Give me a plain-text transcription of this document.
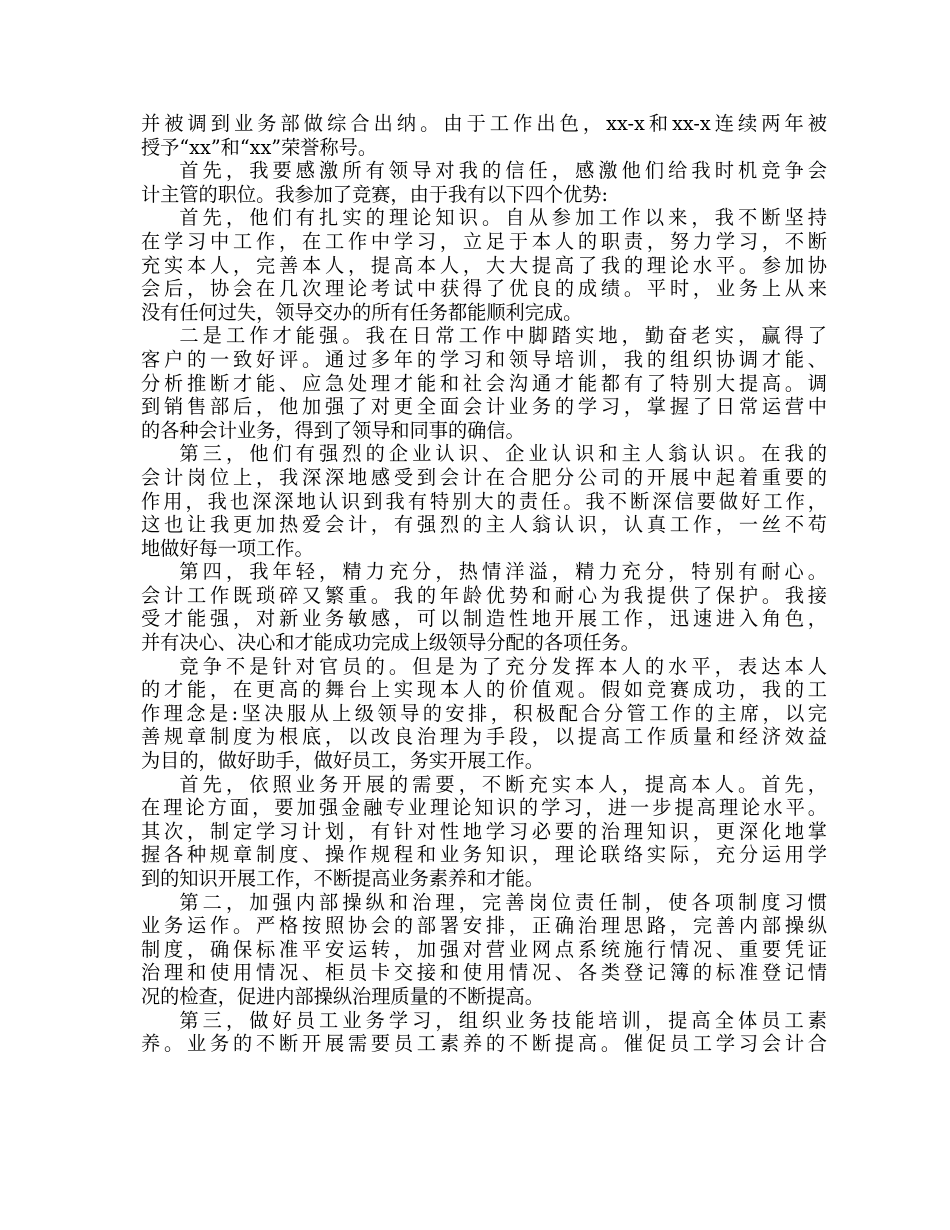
并被调到业务部做综合出纳。由于工作出色，xx-x和xx-x连续两年被
授予“xx”和“xx”荣誉称号。
首先，我要感激所有领导对我的信任，感激他们给我时机竞争会
计主管的职位。我参加了竞赛，由于我有以下四个优势:
首先，他们有扎实的理论知识。自从参加工作以来，我不断坚持
在学习中工作，在工作中学习，立足于本人的职责，努力学习，不断
充实本人，完善本人，提高本人，大大提高了我的理论水平。参加协
会后，协会在几次理论考试中获得了优良的成绩。平时，业务上从来
没有任何过失，领导交办的所有任务都能顺利完成。
二是工作才能强。我在日常工作中脚踏实地，勤奋老实，赢得了
客户的一致好评。通过多年的学习和领导培训，我的组织协调才能、
分析推断才能、应急处理才能和社会沟通才能都有了特别大提高。调
到销售部后，他加强了对更全面会计业务的学习，掌握了日常运营中
的各种会计业务，得到了领导和同事的确信。
第三，他们有强烈的企业认识、企业认识和主人翁认识。在我的
会计岗位上，我深深地感受到会计在合肥分公司的开展中起着重要的
作用，我也深深地认识到我有特别大的责任。我不断深信要做好工作，
这也让我更加热爱会计，有强烈的主人翁认识，认真工作，一丝不苟
地做好每一项工作。
第四，我年轻，精力充分，热情洋溢，精力充分，特别有耐心。
会计工作既琐碎又繁重。我的年龄优势和耐心为我提供了保护。我接
受才能强，对新业务敏感，可以制造性地开展工作，迅速进入角色，
并有决心、决心和才能成功完成上级领导分配的各项任务。
竞争不是针对官员的。但是为了充分发挥本人的水平，表达本人
的才能，在更高的舞台上实现本人的价值观。假如竞赛成功，我的工
作理念是:坚决服从上级领导的安排，积极配合分管工作的主席，以完
善规章制度为根底，以改良治理为手段，以提高工作质量和经济效益
为目的，做好助手，做好员工，务实开展工作。
首先，依照业务开展的需要，不断充实本人，提高本人。首先，
在理论方面，要加强金融专业理论知识的学习，进一步提高理论水平。
其次，制定学习计划，有针对性地学习必要的治理知识，更深化地掌
握各种规章制度、操作规程和业务知识，理论联络实际，充分运用学
到的知识开展工作，不断提高业务素养和才能。
第二，加强内部操纵和治理，完善岗位责任制，使各项制度习惯
业务运作。严格按照协会的部署安排，正确治理思路，完善内部操纵
制度，确保标准平安运转，加强对营业网点系统施行情况、重要凭证
治理和使用情况、柜员卡交接和使用情况、各类登记簿的标准登记情
况的检查，促进内部操纵治理质量的不断提高。
第三，做好员工业务学习，组织业务技能培训，提高全体员工素
养。业务的不断开展需要员工素养的不断提高。催促员工学习会计合
